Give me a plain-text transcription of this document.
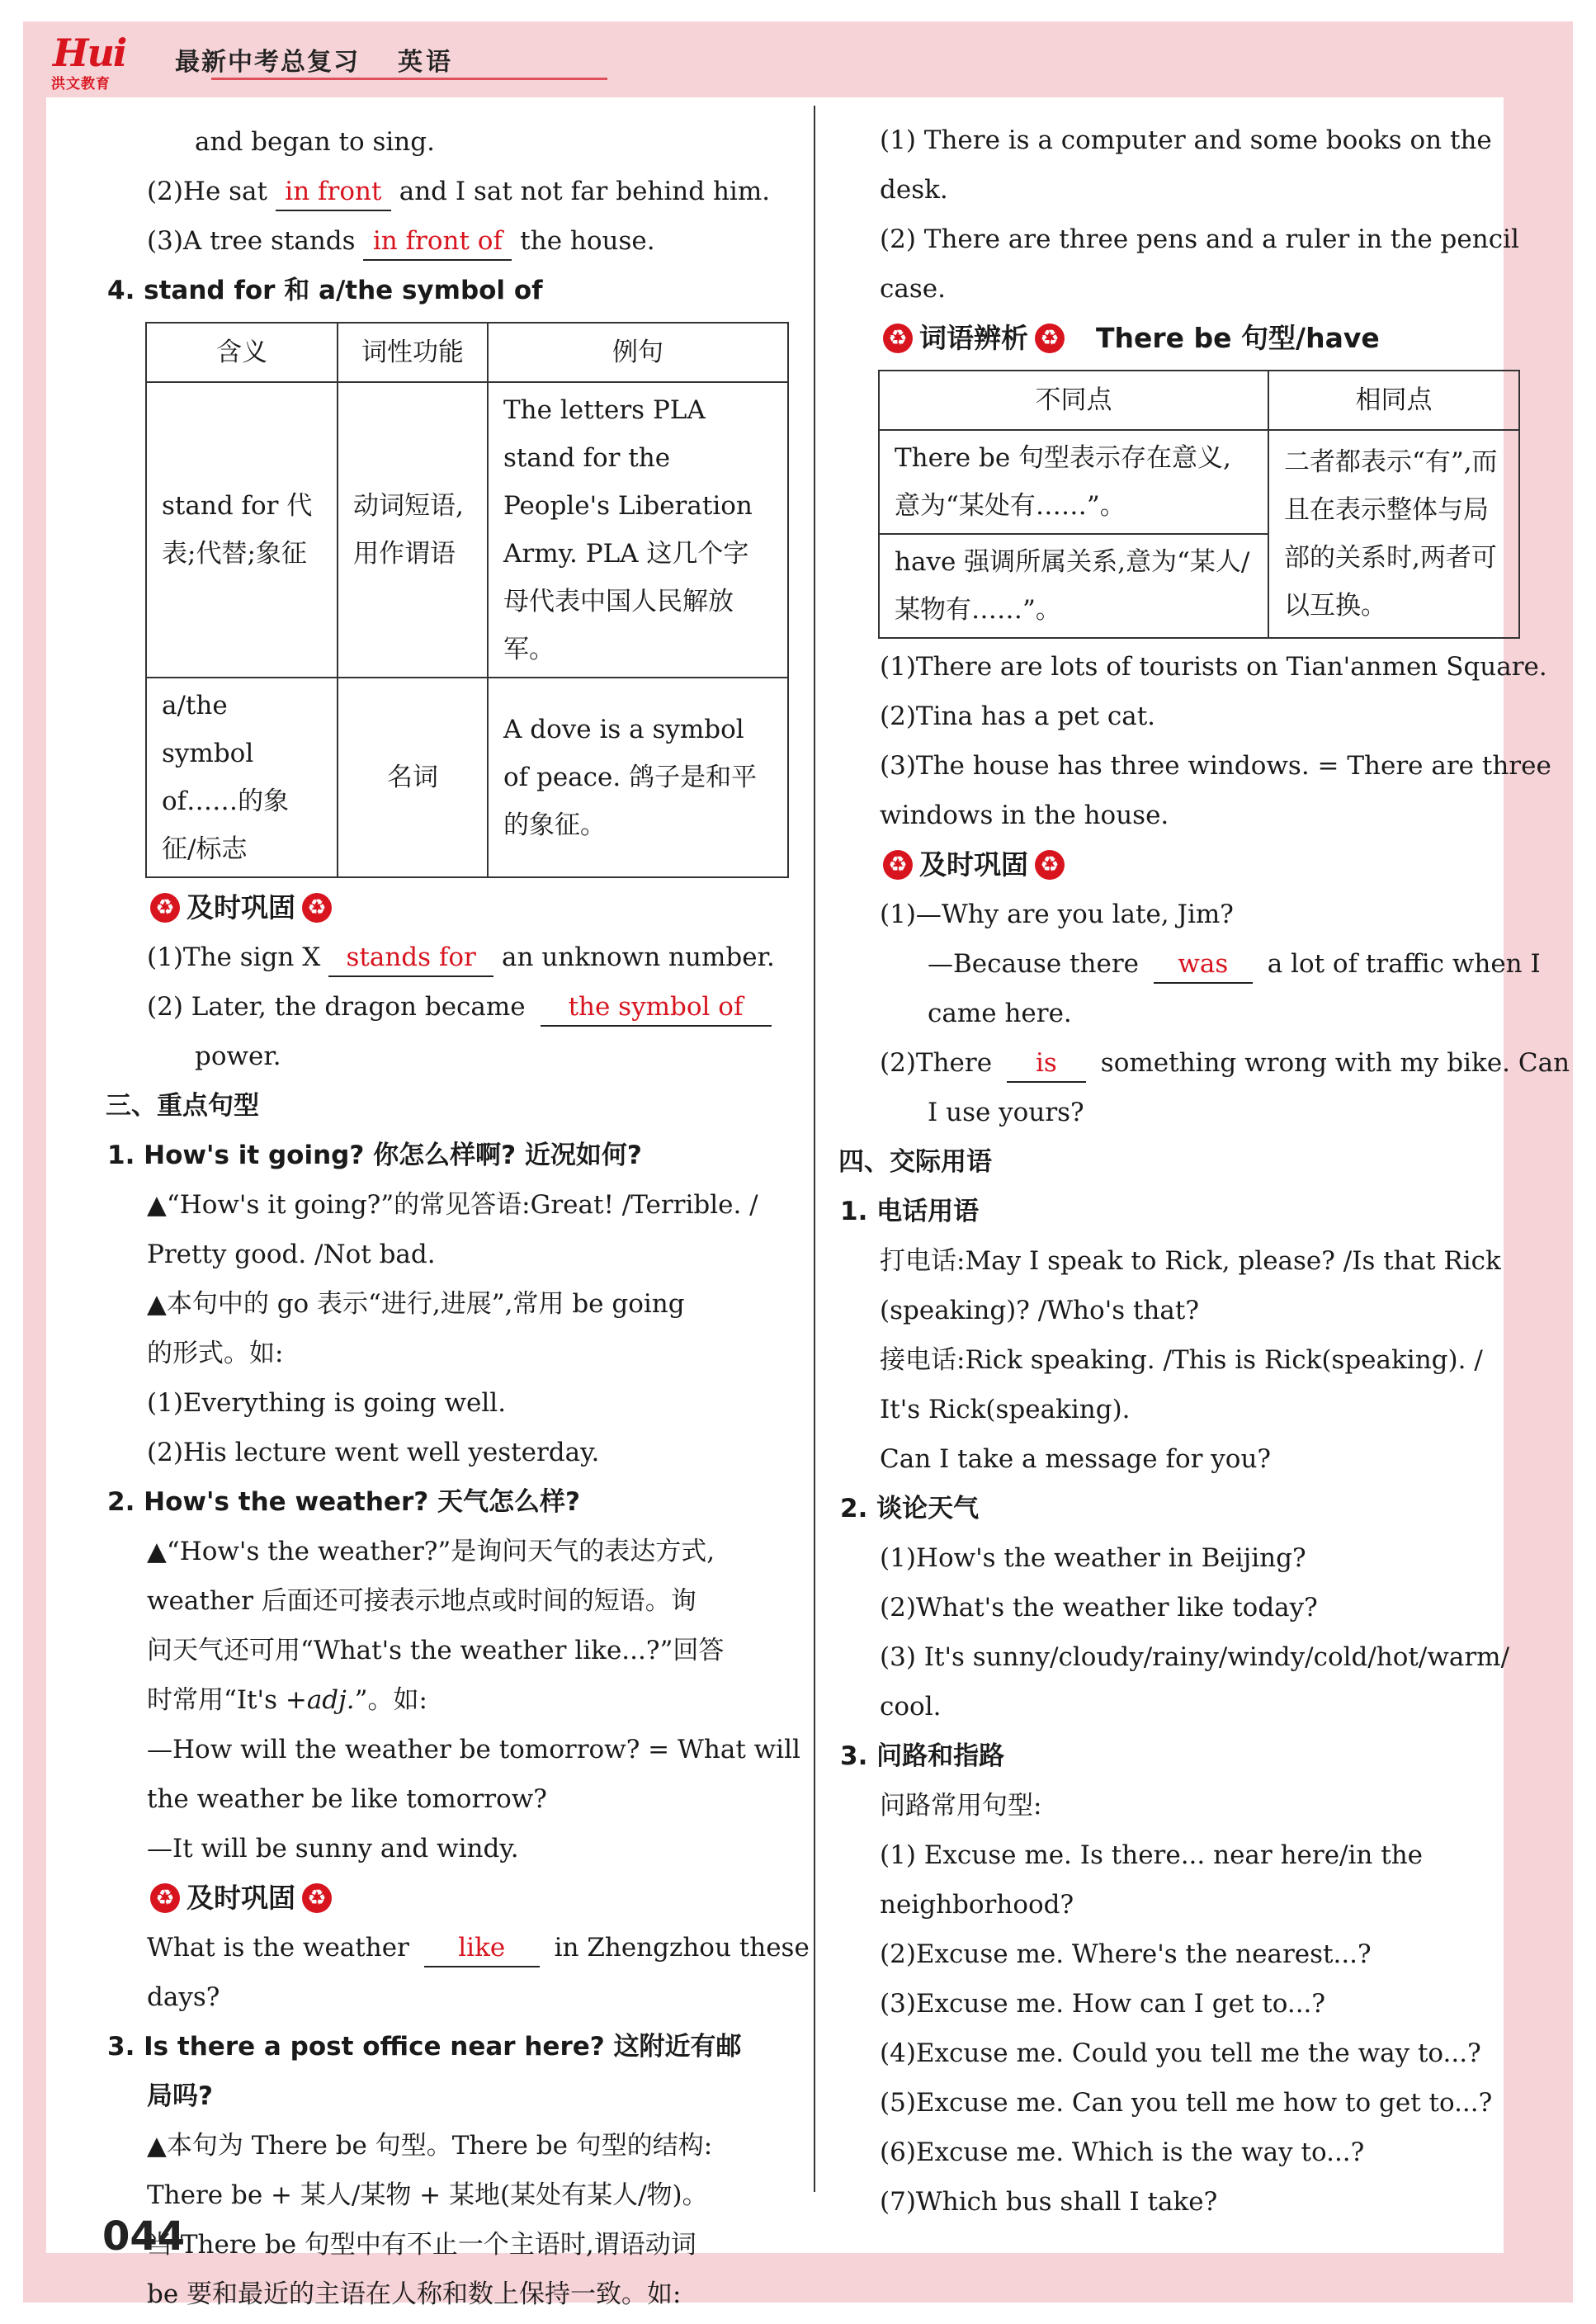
Hui
洪文教育
最新中考总复习 英语

and began to sing.

(2)He sat in front and I sat not far behind him.

(3)A tree stands in front of the house.

4. stand for 和 a/the symbol of

含义	词性功能	例句
stand for 代表;代替;象征	动词短语,用作谓语	The letters PLA stand for the People's Liberation Army. PLA 这几个字母代表中国人民解放军。
a/the symbol of……的象征/标志	名词	A dove is a symbol of peace. 鸽子是和平的象征。
♻ 及时巩固 ♻

(1)The sign X stands for an unknown number.

(2) Later, the dragon became the symbol of

power.

三、重点句型

1. How's it going? 你怎么样啊? 近况如何?

▲“How's it going?”的常见答语:Great! /Terrible. /

Pretty good. /Not bad.

▲本句中的 go 表示“进行,进展”,常用 be going

的形式。如:

(1)Everything is going well.

(2)His lecture went well yesterday.

2. How's the weather? 天气怎么样?

▲“How's the weather?”是询问天气的表达方式,

weather 后面还可接表示地点或时间的短语。询

问天气还可用“What's the weather like...?”回答

时常用“It's +adj.”。如:

—How will the weather be tomorrow? = What will

the weather be like tomorrow?

—It will be sunny and windy.

♻ 及时巩固 ♻

What is the weather like in Zhengzhou these

days?

3. Is there a post office near here? 这附近有邮

局吗?

▲本句为 There be 句型。There be 句型的结构:

There be + 某人/某物 + 某地(某处有某人/物)。

当 There be 句型中有不止一个主语时,谓语动词

be 要和最近的主语在人称和数上保持一致。如:

(1) There is a computer and some books on the

desk.

(2) There are three pens and a ruler in the pencil

case.

♻ 词语辨析 ♻ There be 句型/have
不同点	相同点
There be 句型表示存在意义,意为“某处有……”。	二者都表示“有”,而且在表示整体与局部的关系时,两者可以互换。
have 强调所属关系,意为“某人/某物有……”。	

(1)There are lots of tourists on Tian'anmen Square.

(2)Tina has a pet cat.

(3)The house has three windows. = There are three

windows in the house.

♻ 及时巩固 ♻

(1)—Why are you late, Jim?

—Because there was a lot of traffic when I

came here.

(2)There is something wrong with my bike. Can

I use yours?

四、交际用语

1. 电话用语

打电话:May I speak to Rick, please? /Is that Rick

(speaking)? /Who's that?

接电话:Rick speaking. /This is Rick(speaking). /

It's Rick(speaking).

Can I take a message for you?

2. 谈论天气

(1)How's the weather in Beijing?

(2)What's the weather like today?

(3) It's sunny/cloudy/rainy/windy/cold/hot/warm/

cool.

3. 问路和指路

问路常用句型:

(1) Excuse me. Is there... near here/in the

neighborhood?

(2)Excuse me. Where's the nearest...?

(3)Excuse me. How can I get to...?

(4)Excuse me. Could you tell me the way to...?

(5)Excuse me. Can you tell me how to get to...?

(6)Excuse me. Which is the way to...?

(7)Which bus shall I take?

044
